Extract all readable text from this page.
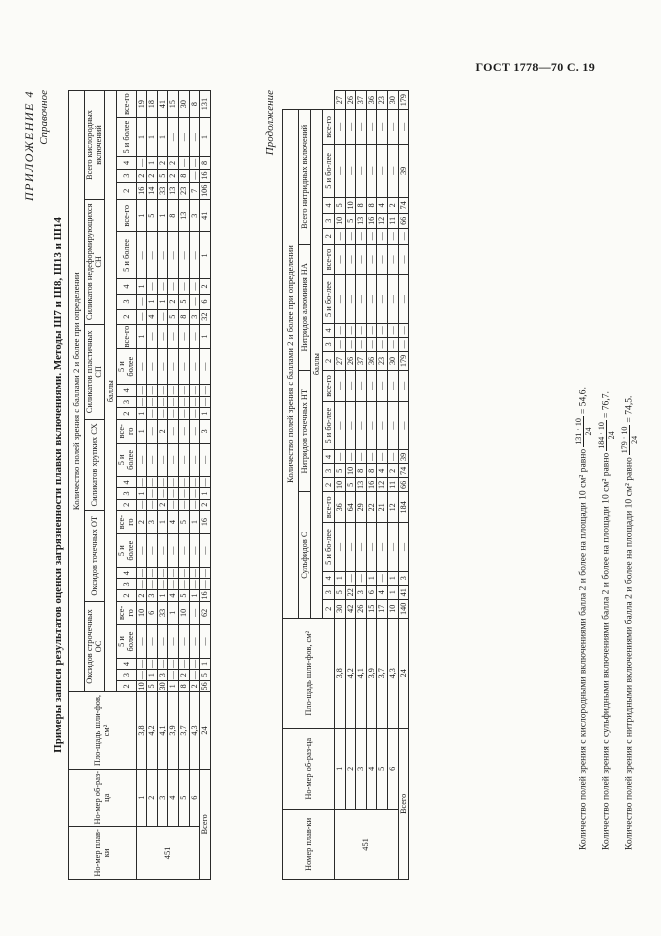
ГОСТ 1778—70 С. 19
ПРИЛОЖЕНИЕ 4 Справочное
Примеры записи результатов оценки загрязненности плавки включениями. Методы Ш7 и Ш8, Ш13 и Ш14
Но-мер плав-ки	Но-мер об-раз-ца	Пло-щадь шли-фов, см²	Количество полей зрения с баллами 2 и более при определении																													
			Оксидов строчечных ОС					Оксидов точечных ОТ					Силикатов хрупких СХ					Силикатов пластичных СП					Силикатов недеформирующихся СН					Всего кислородных включений				
			баллы																													
			2	3	4	5 и более	все-го	2	3	4	5 и более	все-го	2	3	4	5 и более	все-го	2	3	4	5 и более	все-го	2	3	4	5 и более	все-го	2	3	4	5 и более	все-го
451	1	3,8	10	—	—	—	10	2	—	—	—	2	—	1	—	—	1	1	—	—	—	1	—	—	1	—	1	16	2	—	1	19
	2	4,2	5	1	—	—	6	3	—	—	—	3	—	—	—	—	—	—	—	—	—	—	4	1	—	—	5	14	2	1	1	18
	3	4,1	30	3	—	—	33	1	—	—	—	1	2	—	—	—	2	—	—	—	—	—	—	1	—	—	1	33	5	2	1	41
	4	3,9	1	—	—	—	1	4	—	—	—	4	—	—	—	—	—	—	—	—	—	—	5	2	—	—	8	13	2	2	—	15
	5	3,7	8	2	—	—	10	5	—	—	—	5	—	—	—	—	—	—	—	—	—	—	8	5	—	—	13	23	8	—	—	30
	6	4,3	2	—	—	—	—	1	—	—	—	1	—	—	—	—	—	—	—	—	—	—	3	—	—	—	3	7	—	—	—	8
Всего		24	56	5	1	—	62	16	—	—	—	16	2	1	—	—	3	1	—	—	—	1	32	6	2	1	41	106	16	8	1	131	Продолжение
Номер плав-ки	Но-мер об-раз-ца	Пло-щадь шли-фов, см²	Количество полей зрения с баллами 2 и более при определении																				
			Сульфидов С					Нитридов точечных НТ					Нитридов алюминия НА					Всего нитридных включений					
			баллы																				
			2	3	4	5 и бо-лее	все-го	2	3	4	5 и бо-лее	все-го	2	3	4	5 и бо-лее	все-го	2	3	4	5 и бо-лее	все-го	
451	1	3,8	30	5	1	—	36	10	5	—	—	—	27	—	—	—	—	—	10	5	—	—	27
	2	4,2	42	22	—	—	64	5	10	—	—	—	26	—	—	—	—	—	5	10	—	—	26
	3	4,1	26	3	—	—	29	13	8	—	—	—	37	—	—	—	—	—	13	8	—	—	37
	4	3,9	15	6	1	—	22	16	8	—	—	—	36	—	—	—	—	—	16	8	—	—	36
	5	3,7	17	4	—	—	21	12	4	—	—	—	23	—	—	—	—	—	12	4	—	—	23
	6	4,3	10	1	1	—	12	11	2	—	—	—	30	—	—	—	—	—	11	2	—	—	30
Всего		24	140	41	3	—	184	66	74	39	—	—	179	—	—	—	—	—	66	74	39	—	179
Количество полей зрения с кислородными включениями балла 2 и более на площади 10 см² равно
131 · 10 24
= 54,6.
Количество полей зрения с сульфидными включениями балла 2 и более на площади 10 см² равно
184 · 10 24
= 76,7.
Количество полей зрения с нитридными включениями балла 2 и более на площади 10 см² равно
179 · 10 24
= 74,5.
